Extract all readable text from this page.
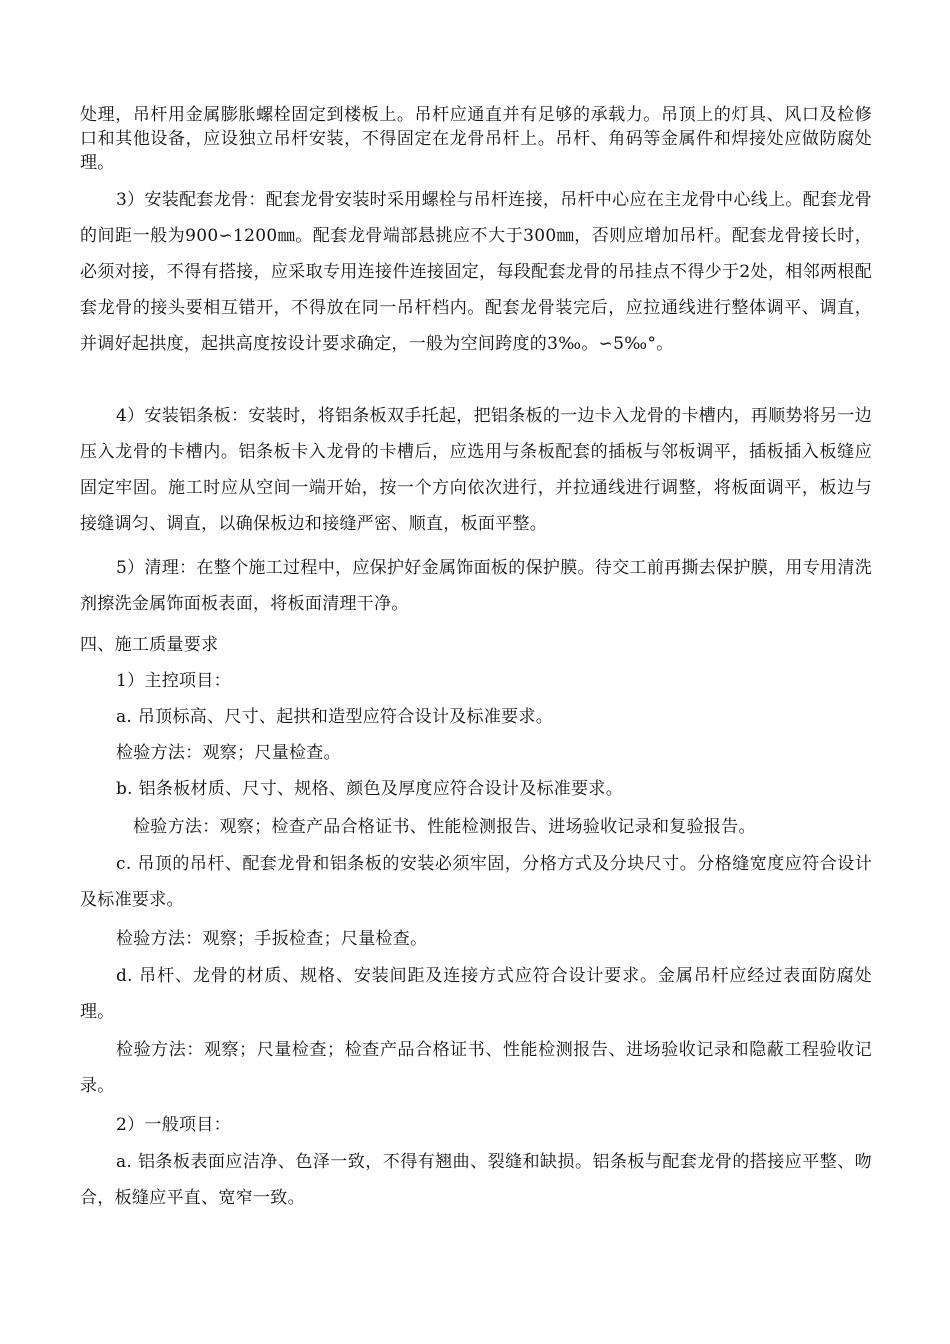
处理，吊杆用金属膨胀螺栓固定到楼板上。吊杆应通直并有足够的承载力。吊顶上的灯具、风口及检修口和其他设备，应设独立吊杆安装，不得固定在龙骨吊杆上。吊杆、角码等金属件和焊接处应做防腐处理。

3）安装配套龙骨：配套龙骨安装时采用螺栓与吊杆连接，吊杆中心应在主龙骨中心线上。配套龙骨的间距一般为900∽1200㎜。配套龙骨端部悬挑应不大于300㎜，否则应增加吊杆。配套龙骨接长时，必须对接，不得有搭接，应采取专用连接件连接固定，每段配套龙骨的吊挂点不得少于2处，相邻两根配套龙骨的接头要相互错开，不得放在同一吊杆档内。配套龙骨装完后，应拉通线进行整体调平、调直，并调好起拱度，起拱高度按设计要求确定，一般为空间跨度的3‰。∽5‰°。

4）安装铝条板：安装时，将铝条板双手托起，把铝条板的一边卡入龙骨的卡槽内，再顺势将另一边压入龙骨的卡槽内。铝条板卡入龙骨的卡槽后，应选用与条板配套的插板与邻板调平，插板插入板缝应固定牢固。施工时应从空间一端开始，按一个方向依次进行，并拉通线进行调整，将板面调平，板边与接缝调匀、调直，以确保板边和接缝严密、顺直，板面平整。

5）清理：在整个施工过程中，应保护好金属饰面板的保护膜。待交工前再撕去保护膜，用专用清洗剂擦洗金属饰面板表面，将板面清理干净。

四、施工质量要求

1）主控项目：

a. 吊顶标高、尺寸、起拱和造型应符合设计及标准要求。

检验方法：观察；尺量检查。

b. 铝条板材质、尺寸、规格、颜色及厚度应符合设计及标准要求。

检验方法：观察；检查产品合格证书、性能检测报告、进场验收记录和复验报告。

c. 吊顶的吊杆、配套龙骨和铝条板的安装必须牢固，分格方式及分块尺寸。分格缝宽度应符合设计及标准要求。

检验方法：观察；手扳检查；尺量检查。

d. 吊杆、龙骨的材质、规格、安装间距及连接方式应符合设计要求。金属吊杆应经过表面防腐处理。

检验方法：观察；尺量检查；检查产品合格证书、性能检测报告、进场验收记录和隐蔽工程验收记录。

2）一般项目：

a. 铝条板表面应洁净、色泽一致，不得有翘曲、裂缝和缺损。铝条板与配套龙骨的搭接应平整、吻合，板缝应平直、宽窄一致。
